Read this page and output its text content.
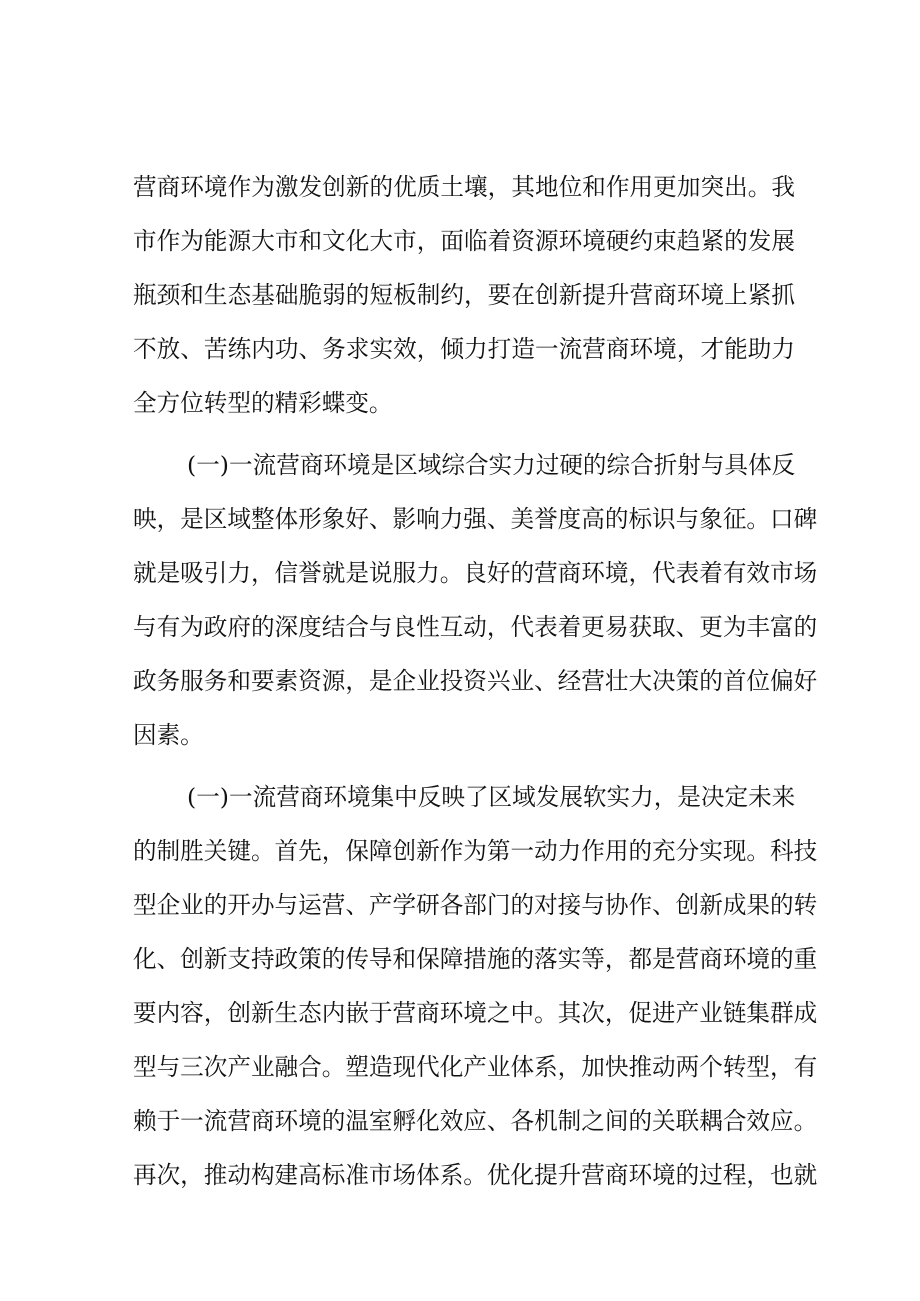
营商环境作为激发创新的优质土壤，其地位和作用更加突出。我

市作为能源大市和文化大市，面临着资源环境硬约束趋紧的发展

瓶颈和生态基础脆弱的短板制约，要在创新提升营商环境上紧抓

不放、苦练内功、务求实效，倾力打造一流营商环境，才能助力

全方位转型的精彩蝶变。

(一)一流营商环境是区域综合实力过硬的综合折射与具体反

映，是区域整体形象好、影响力强、美誉度高的标识与象征。口碑

就是吸引力，信誉就是说服力。良好的营商环境，代表着有效市场

与有为政府的深度结合与良性互动，代表着更易获取、更为丰富的

政务服务和要素资源，是企业投资兴业、经营壮大决策的首位偏好

因素。

(一)一流营商环境集中反映了区域发展软实力，是决定未来

的制胜关键。首先，保障创新作为第一动力作用的充分实现。科技

型企业的开办与运营、产学研各部门的对接与协作、创新成果的转

化、创新支持政策的传导和保障措施的落实等，都是营商环境的重

要内容，创新生态内嵌于营商环境之中。其次，促进产业链集群成

型与三次产业融合。塑造现代化产业体系，加快推动两个转型，有

赖于一流营商环境的温室孵化效应、各机制之间的关联耦合效应。

再次，推动构建高标准市场体系。优化提升营商环境的过程，也就
